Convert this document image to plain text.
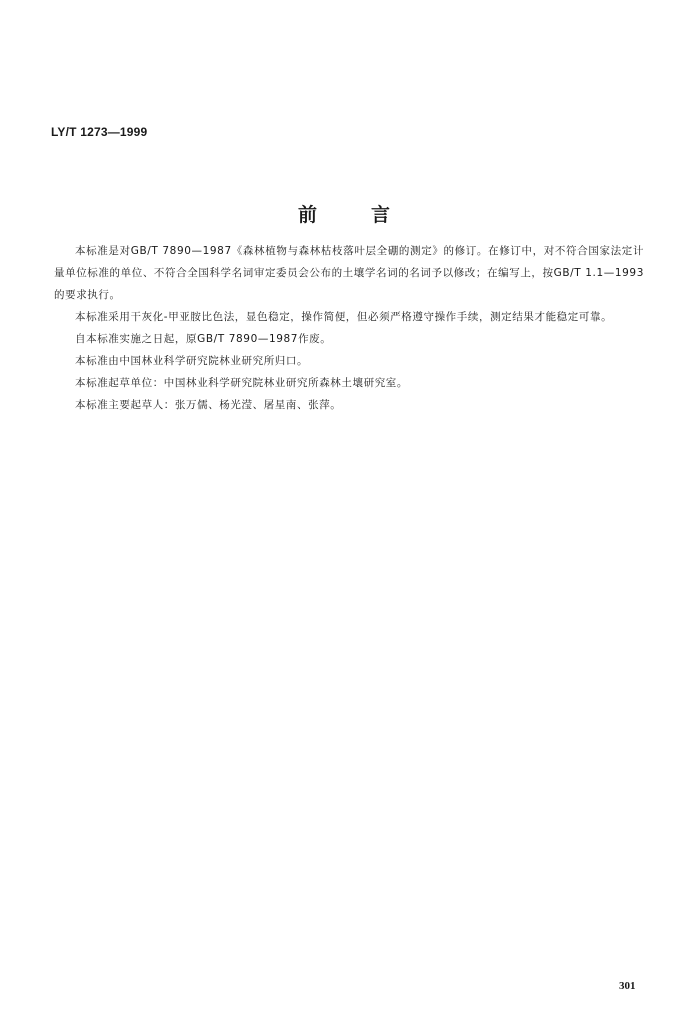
LY/T 1273—1999
前	言

本标准是对GB/T 7890—1987《森林植物与森林枯枝落叶层全硼的测定》的修订。在修订中，对不符合国家法定计量单位标准的单位、不符合全国科学名词审定委员会公布的土壤学名词的名词予以修改；在编写上，按GB/T 1.1—1993的要求执行。

本标准采用干灰化-甲亚胺比色法，显色稳定，操作简便，但必须严格遵守操作手续，测定结果才能稳定可靠。

自本标准实施之日起，原GB/T 7890—1987作废。

本标准由中国林业科学研究院林业研究所归口。

本标准起草单位：中国林业科学研究院林业研究所森林土壤研究室。

本标准主要起草人：张万儒、杨光滢、屠星南、张萍。

301
